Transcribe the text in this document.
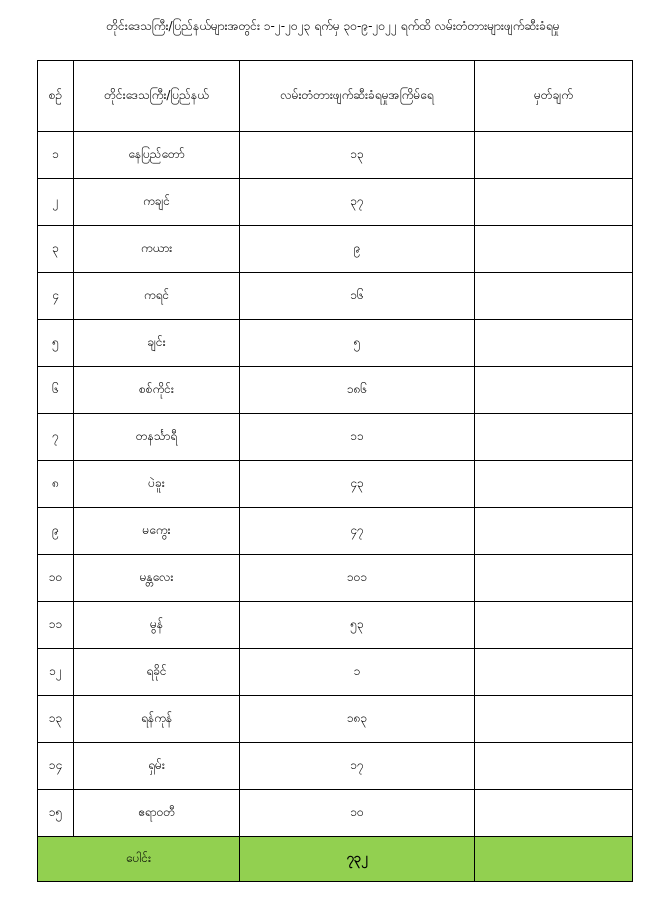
တိုင်းဒေသကြီး/ပြည်နယ်များအတွင်း ၁-၂-၂၀၂၃ ရက်မှ ၃၀-၉-၂၀၂၂ ရက်ထိ လမ်းတံတားများဖျက်ဆီးခံရမှု
စဉ်	တိုင်းဒေသကြီး/ပြည်နယ်	လမ်းတံတားဖျက်ဆီးခံရမှုအကြိမ်ရေ	မှတ်ချက်
၁	နေပြည်တော်	၁၃	
၂	ကချင်	၃၇	
၃	ကယား	၉	
၄	ကရင်	၁၆	
၅	ချင်း	၅	
၆	စစ်ကိုင်း	၁၈၆	
၇	တနင်္သာရီ	၁၁	
၈	ပဲခူး	၄၃	
၉	မကွေး	၄၇	
၁၀	မန္တလေး	၁၀၁	
၁၁	မွန်	၅၃	
၁၂	ရခိုင်	၁	
၁၃	ရန်ကုန်	၁၈၃	
၁၄	ရှမ်း	၁၇	
၁၅	ဧရာဝတီ	၁၀	
ပေါင်း		၇၃၂	
